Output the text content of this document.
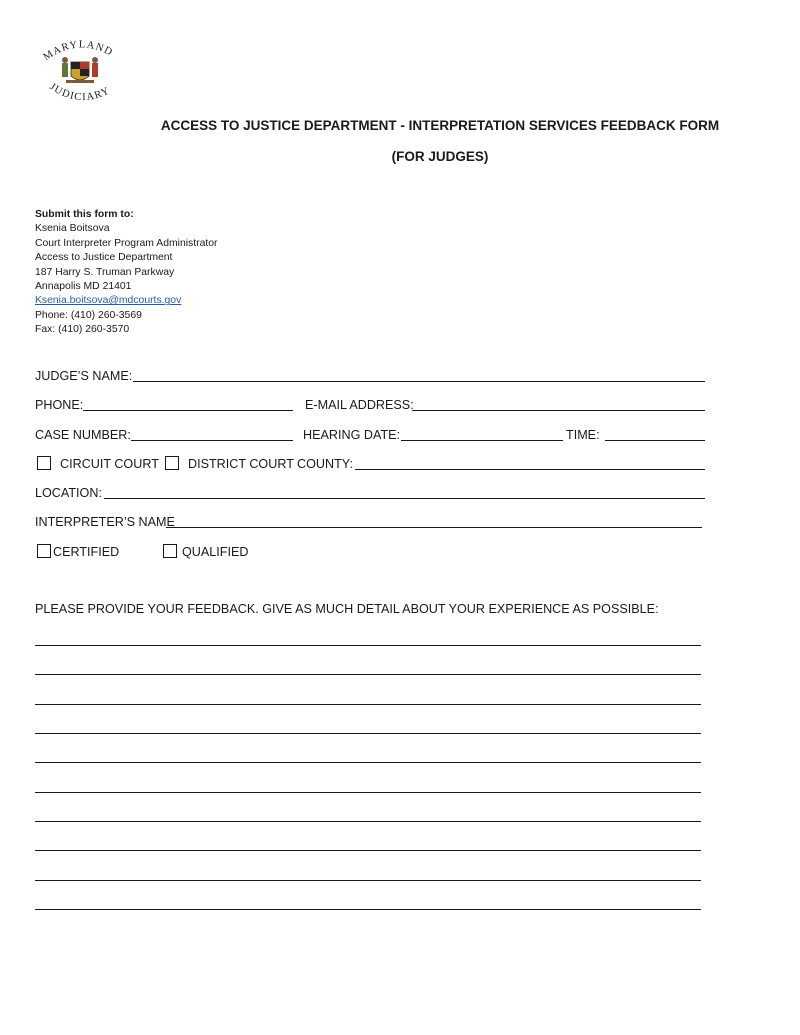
MARYLAND
JUDICIARY
ACCESS TO JUSTICE DEPARTMENT - INTERPRETATION SERVICES FEEDBACK FORM
(FOR JUDGES)
Submit this form to:
Ksenia Boitsova
Court Interpreter Program Administrator
Access to Justice Department
187 Harry S. Truman Parkway
Annapolis MD 21401
Ksenia.boitsova@mdcourts.gov
Phone: (410) 260-3569
Fax: (410) 260-3570
JUDGE’S NAME:
PHONE:	E-MAIL ADDRESS:
CASE NUMBER:	HEARING DATE:	TIME:
CIRCUIT COURT DISTRICT COURT COUNTY:
LOCATION:
INTERPRETER’S NAME
CERTIFIED	QUALIFIED
PLEASE PROVIDE YOUR FEEDBACK. GIVE AS MUCH DETAIL ABOUT YOUR EXPERIENCE AS POSSIBLE:
